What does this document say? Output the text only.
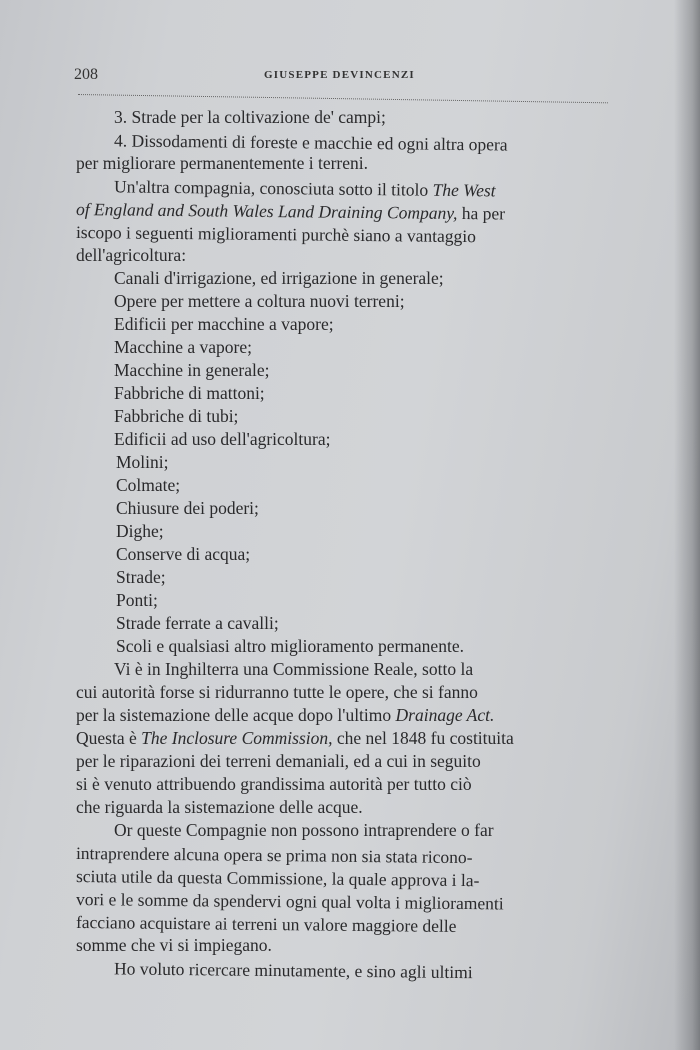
208	GIUSEPPE DEVINCENZI
3. Strade per la coltivazione de' campi;
4. Dissodamenti di foreste e macchie ed ogni altra opera
per migliorare permanentemente i terreni.
Un'altra compagnia, conosciuta sotto il titolo The West
of England and South Wales Land Draining Company, ha per
iscopo i seguenti miglioramenti purchè siano a vantaggio
dell'agricoltura:
Canali d'irrigazione, ed irrigazione in generale;
Opere per mettere a coltura nuovi terreni;
Edificii per macchine a vapore;
Macchine a vapore;
Macchine in generale;
Fabbriche di mattoni;
Fabbriche di tubi;
Edificii ad uso dell'agricoltura;
Molini;
Colmate;
Chiusure dei poderi;
Dighe;
Conserve di acqua;
Strade;
Ponti;
Strade ferrate a cavalli;
Scoli e qualsiasi altro miglioramento permanente.
Vi è in Inghilterra una Commissione Reale, sotto la
cui autorità forse si ridurranno tutte le opere, che si fanno
per la sistemazione delle acque dopo l'ultimo Drainage Act.
Questa è The Inclosure Commission, che nel 1848 fu costituita
per le riparazioni dei terreni demaniali, ed a cui in seguito
si è venuto attribuendo grandissima autorità per tutto ciò
che riguarda la sistemazione delle acque.
Or queste Compagnie non possono intraprendere o far
intraprendere alcuna opera se prima non sia stata ricono-
sciuta utile da questa Commissione, la quale approva i la-
vori e le somme da spendervi ogni qual volta i miglioramenti
facciano acquistare ai terreni un valore maggiore delle
somme che vi si impiegano.
Ho voluto ricercare minutamente, e sino agli ultimi
